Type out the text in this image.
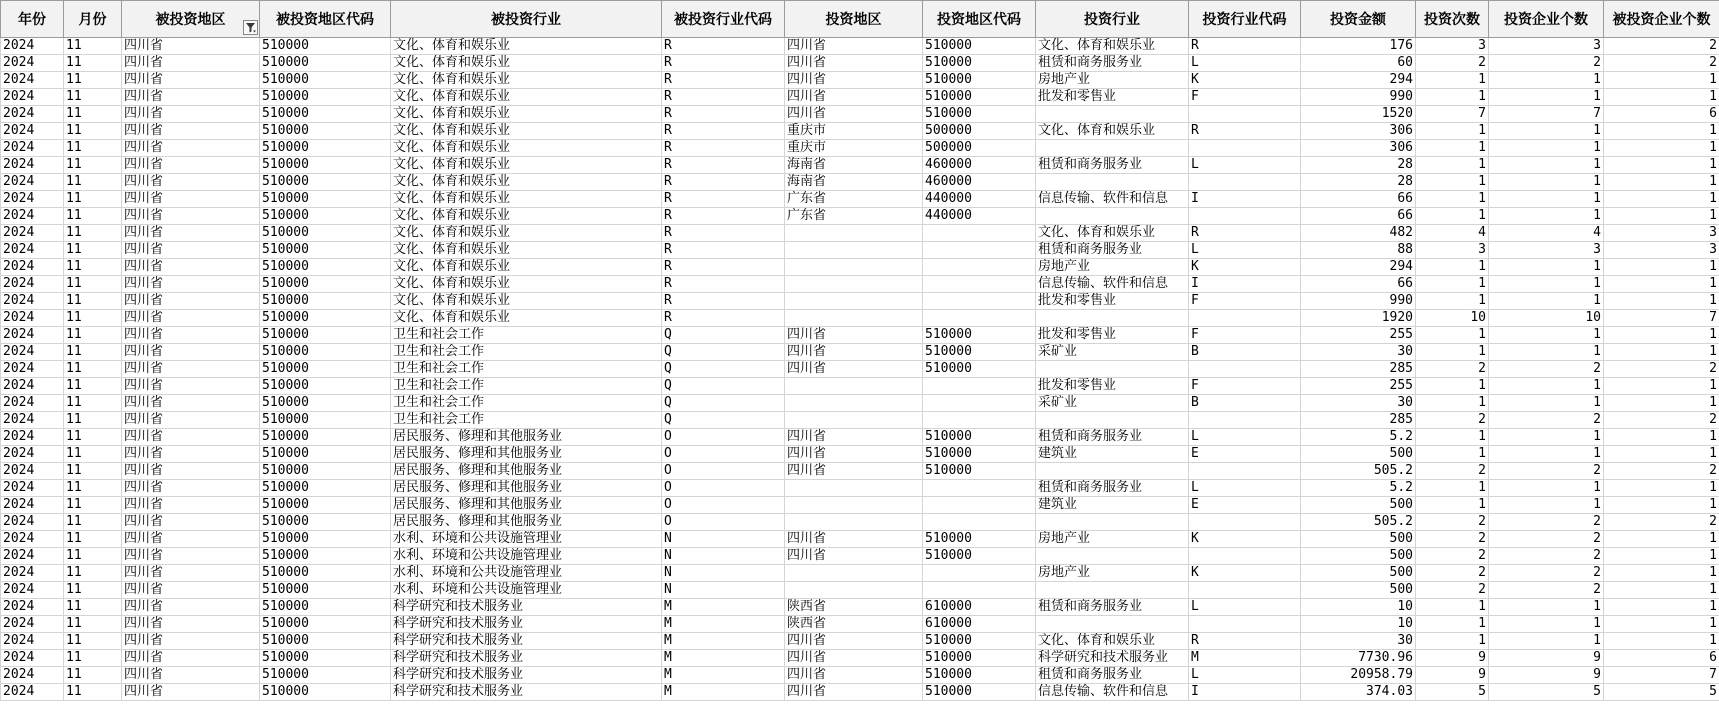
年份	月份	被投资地区	被投资地区代码	被投资行业	被投资行业代码	投资地区	投资地区代码	投资行业	投资行业代码	投资金额	投资次数	投资企业个数	被投资企业个数
2024	11	四川省	510000	文化、体育和娱乐业	R	四川省	510000	文化、体育和娱乐业	R	176	3	3	2
2024	11	四川省	510000	文化、体育和娱乐业	R	四川省	510000	租赁和商务服务业	L	60	2	2	2
2024	11	四川省	510000	文化、体育和娱乐业	R	四川省	510000	房地产业	K	294	1	1	1
2024	11	四川省	510000	文化、体育和娱乐业	R	四川省	510000	批发和零售业	F	990	1	1	1
2024	11	四川省	510000	文化、体育和娱乐业	R	四川省	510000			1520	7	7	6
2024	11	四川省	510000	文化、体育和娱乐业	R	重庆市	500000	文化、体育和娱乐业	R	306	1	1	1
2024	11	四川省	510000	文化、体育和娱乐业	R	重庆市	500000			306	1	1	1
2024	11	四川省	510000	文化、体育和娱乐业	R	海南省	460000	租赁和商务服务业	L	28	1	1	1
2024	11	四川省	510000	文化、体育和娱乐业	R	海南省	460000			28	1	1	1
2024	11	四川省	510000	文化、体育和娱乐业	R	广东省	440000	信息传输、软件和信息	I	66	1	1	1
2024	11	四川省	510000	文化、体育和娱乐业	R	广东省	440000			66	1	1	1
2024	11	四川省	510000	文化、体育和娱乐业	R			文化、体育和娱乐业	R	482	4	4	3
2024	11	四川省	510000	文化、体育和娱乐业	R			租赁和商务服务业	L	88	3	3	3
2024	11	四川省	510000	文化、体育和娱乐业	R			房地产业	K	294	1	1	1
2024	11	四川省	510000	文化、体育和娱乐业	R			信息传输、软件和信息	I	66	1	1	1
2024	11	四川省	510000	文化、体育和娱乐业	R			批发和零售业	F	990	1	1	1
2024	11	四川省	510000	文化、体育和娱乐业	R					1920	10	10	7
2024	11	四川省	510000	卫生和社会工作	Q	四川省	510000	批发和零售业	F	255	1	1	1
2024	11	四川省	510000	卫生和社会工作	Q	四川省	510000	采矿业	B	30	1	1	1
2024	11	四川省	510000	卫生和社会工作	Q	四川省	510000			285	2	2	2
2024	11	四川省	510000	卫生和社会工作	Q			批发和零售业	F	255	1	1	1
2024	11	四川省	510000	卫生和社会工作	Q			采矿业	B	30	1	1	1
2024	11	四川省	510000	卫生和社会工作	Q					285	2	2	2
2024	11	四川省	510000	居民服务、修理和其他服务业	O	四川省	510000	租赁和商务服务业	L	5.2	1	1	1
2024	11	四川省	510000	居民服务、修理和其他服务业	O	四川省	510000	建筑业	E	500	1	1	1
2024	11	四川省	510000	居民服务、修理和其他服务业	O	四川省	510000			505.2	2	2	2
2024	11	四川省	510000	居民服务、修理和其他服务业	O			租赁和商务服务业	L	5.2	1	1	1
2024	11	四川省	510000	居民服务、修理和其他服务业	O			建筑业	E	500	1	1	1
2024	11	四川省	510000	居民服务、修理和其他服务业	O					505.2	2	2	2
2024	11	四川省	510000	水利、环境和公共设施管理业	N	四川省	510000	房地产业	K	500	2	2	1
2024	11	四川省	510000	水利、环境和公共设施管理业	N	四川省	510000			500	2	2	1
2024	11	四川省	510000	水利、环境和公共设施管理业	N			房地产业	K	500	2	2	1
2024	11	四川省	510000	水利、环境和公共设施管理业	N					500	2	2	1
2024	11	四川省	510000	科学研究和技术服务业	M	陕西省	610000	租赁和商务服务业	L	10	1	1	1
2024	11	四川省	510000	科学研究和技术服务业	M	陕西省	610000			10	1	1	1
2024	11	四川省	510000	科学研究和技术服务业	M	四川省	510000	文化、体育和娱乐业	R	30	1	1	1
2024	11	四川省	510000	科学研究和技术服务业	M	四川省	510000	科学研究和技术服务业	M	7730.96	9	9	6
2024	11	四川省	510000	科学研究和技术服务业	M	四川省	510000	租赁和商务服务业	L	20958.79	9	9	7
2024	11	四川省	510000	科学研究和技术服务业	M	四川省	510000	信息传输、软件和信息	I	374.03	5	5	5
